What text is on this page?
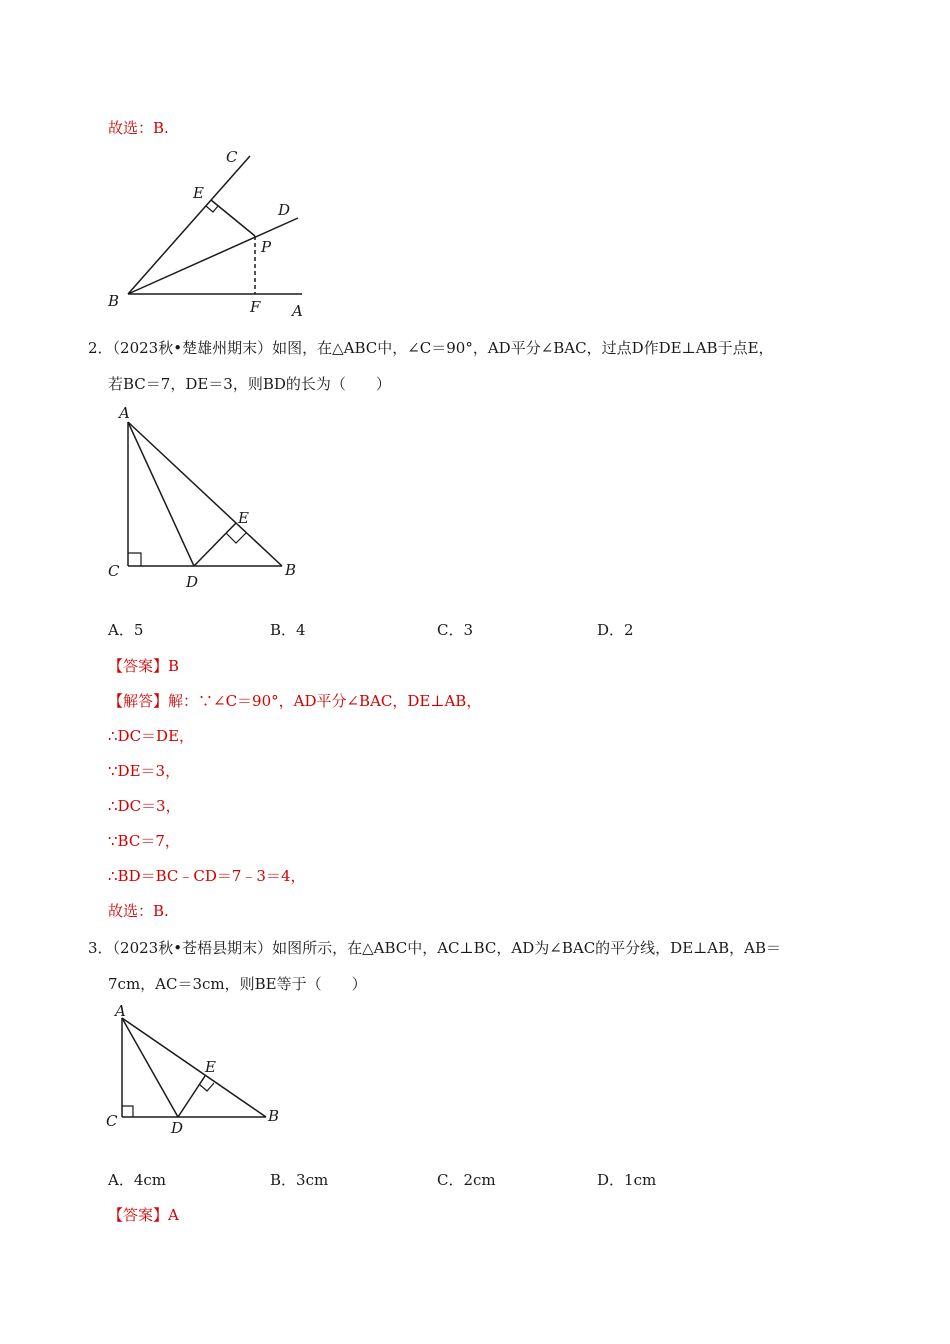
故选：B.
C
E
D
P
B	F A
2．（2023秋•楚雄州期末）如图，在△ABC中，∠C＝90°，AD平分∠BAC，过点D作DE⊥AB于点E，
若BC＝7，DE＝3，则BD的长为（　　）
A
C
D
E
B
A．5	B．4	C．3	D．2
【答案】B
【解答】解：∵∠C＝90°，AD平分∠BAC，DE⊥AB，
∴DC＝DE，
∵DE＝3，
∴DC＝3，
∵BC＝7，
∴BD＝BC﹣CD＝7﹣3＝4，
故选：B.
3．（2023秋•苍梧县期末）如图所示，在△ABC中，AC⊥BC，AD为∠BAC的平分线，DE⊥AB，AB＝
7cm，AC＝3cm，则BE等于（　　）
A
C	D
E
B
A．4cm	B．3cm	C．2cm	D．1cm
【答案】A
